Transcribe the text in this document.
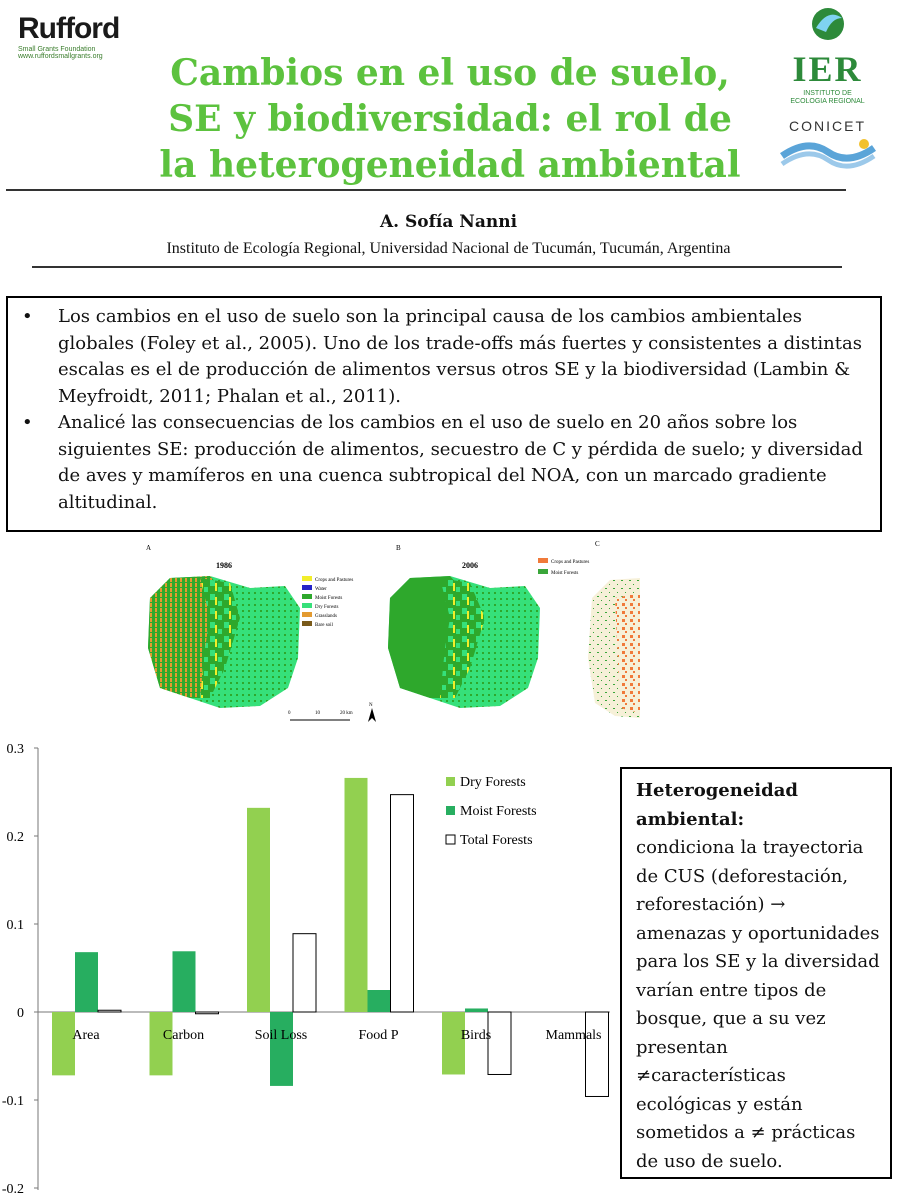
Rufford
Small Grants Foundation
www.ruffordsmallgrants.org	Cambios en el uso de suelo, SE y biodiversidad: el rol de la heterogeneidad ambiental
IER
INSTITUTO DE
ECOLOGIA REGIONAL
CONICET
A. Sofía Nanni
Instituto de Ecología Regional, Universidad Nacional de Tucumán, Tucumán, Argentina
• Los cambios en el uso de suelo son la principal causa de los cambios ambientales globales (Foley et al., 2005). Uno de los trade-offs más fuertes y consistentes a distintas escalas es el de producción de alimentos versus otros SE y la biodiversidad (Lambin & Meyfroidt, 2011; Phalan et al., 2011).
• Analicé las consecuencias de los cambios en el uso de suelo en 20 años sobre los siguientes SE: producción de alimentos, secuestro de C y pérdida de suelo; y diversidad de aves y mamíferos en una cuenca subtropical del NOA, con un marcado gradiente altitudinal.
A
1986
Crops and Pastures
Water
Moist Forests
Dry Forests
Grasslands
Bare soil
B
2006
0	10	20 km
N
C
Crops and Pastures
Moist Forests
0.3
0.2
0.1
0
-0.1
-0.2
Area	Carbon	Soil Loss	Food P	Birds	Mammals
Dry Forests
Moist Forests
Total Forests
Heterogeneidad ambiental:
condiciona la trayectoria de CUS (deforestación, reforestación) → amenazas y oportunidades para los SE y la diversidad varían entre tipos de bosque, que a su vez presentan ≠características ecológicas y están sometidos a ≠ prácticas de uso de suelo.
